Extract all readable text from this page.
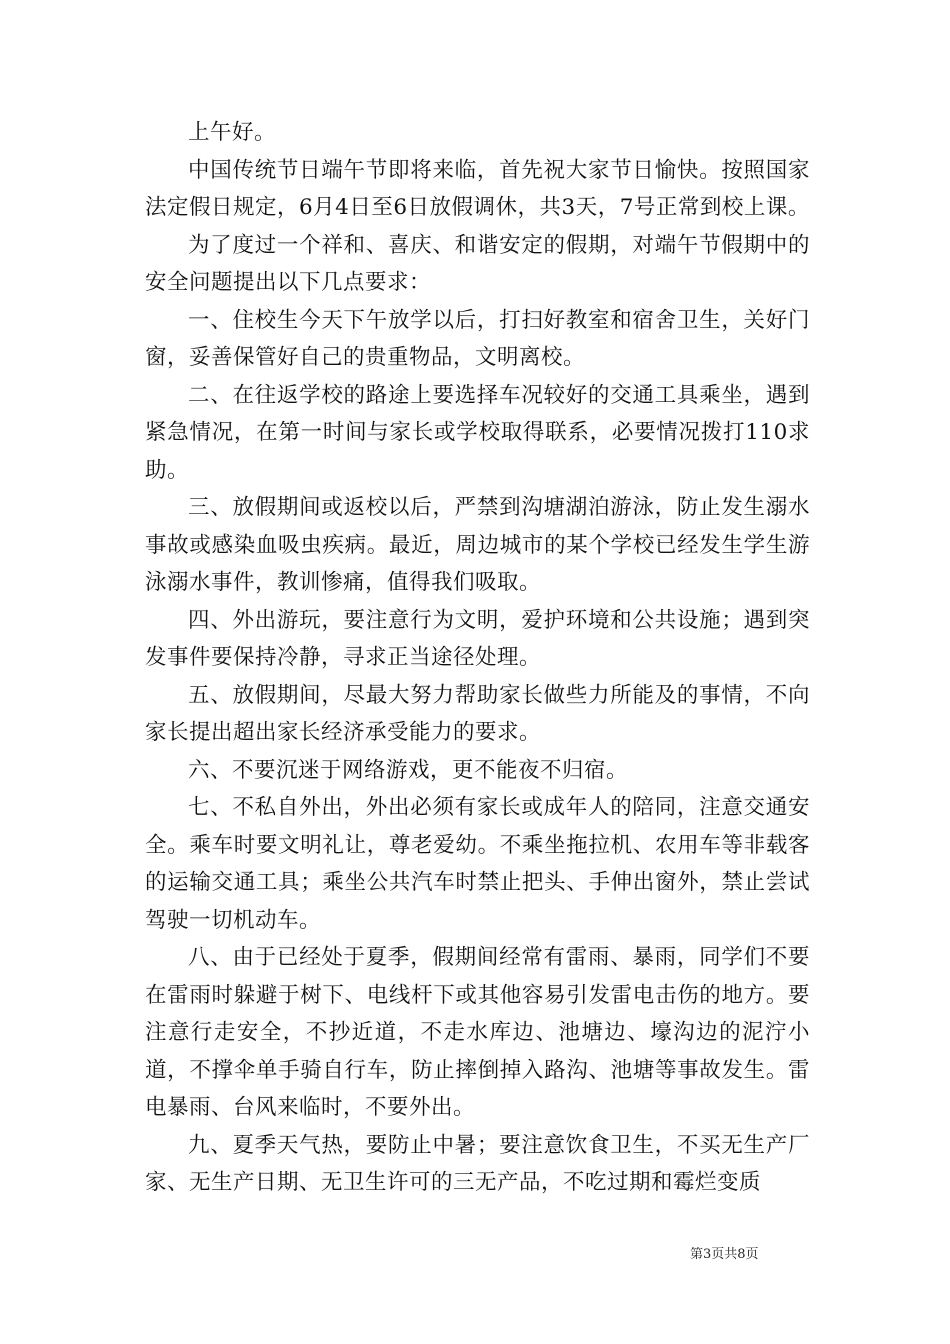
上午好。

中国传统节日端午节即将来临，首先祝大家节日愉快。按照国家法定假日规定，6月4日至6日放假调休，共3天，7号正常到校上课。

为了度过一个祥和、喜庆、和谐安定的假期，对端午节假期中的安全问题提出以下几点要求：

一、住校生今天下午放学以后，打扫好教室和宿舍卫生，关好门窗，妥善保管好自己的贵重物品，文明离校。

二、在往返学校的路途上要选择车况较好的交通工具乘坐，遇到紧急情况，在第一时间与家长或学校取得联系，必要情况拨打110求助。

三、放假期间或返校以后，严禁到沟塘湖泊游泳，防止发生溺水事故或感染血吸虫疾病。最近，周边城市的某个学校已经发生学生游泳溺水事件，教训惨痛，值得我们吸取。

四、外出游玩，要注意行为文明，爱护环境和公共设施；遇到突发事件要保持冷静，寻求正当途径处理。

五、放假期间，尽最大努力帮助家长做些力所能及的事情，不向家长提出超出家长经济承受能力的要求。

六、不要沉迷于网络游戏，更不能夜不归宿。

七、不私自外出，外出必须有家长或成年人的陪同，注意交通安全。乘车时要文明礼让，尊老爱幼。不乘坐拖拉机、农用车等非载客的运输交通工具；乘坐公共汽车时禁止把头、手伸出窗外，禁止尝试驾驶一切机动车。

八、由于已经处于夏季，假期间经常有雷雨、暴雨，同学们不要在雷雨时躲避于树下、电线杆下或其他容易引发雷电击伤的地方。要注意行走安全，不抄近道，不走水库边、池塘边、壕沟边的泥泞小道，不撑伞单手骑自行车，防止摔倒掉入路沟、池塘等事故发生。雷电暴雨、台风来临时，不要外出。

九、夏季天气热，要防止中暑；要注意饮食卫生，不买无生产厂家、无生产日期、无卫生许可的三无产品，不吃过期和霉烂变质

第3页共8页
